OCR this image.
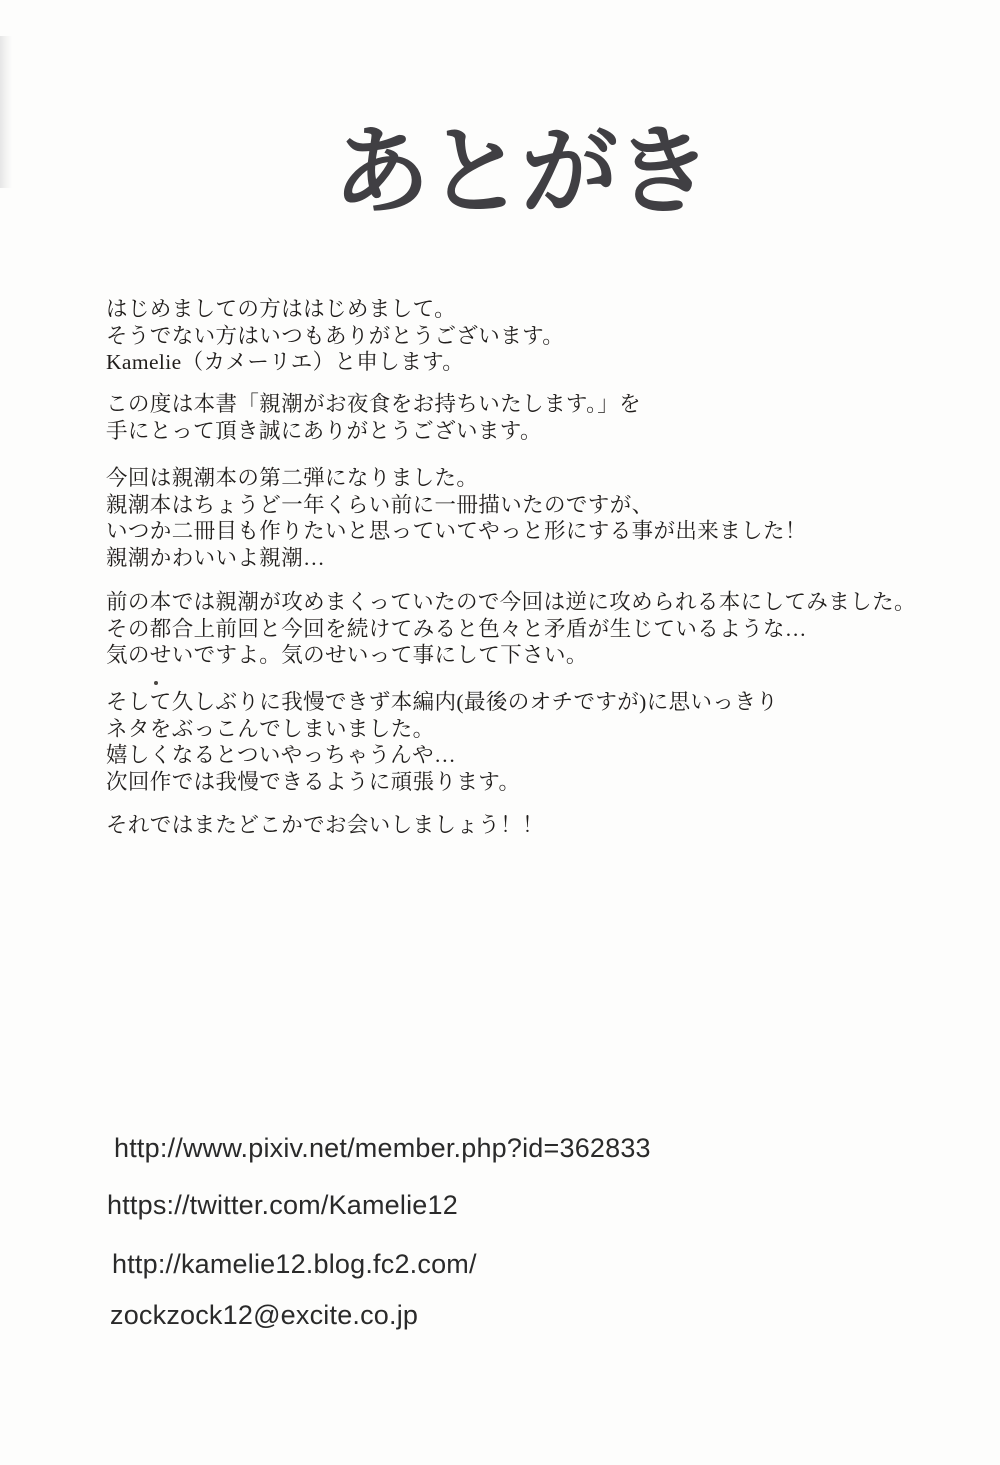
あとがき
はじめましての方ははじめまして。
そうでない方はいつもありがとうございます。
Kamelie（カメーリエ）と申します。
この度は本書「親潮がお夜食をお持ちいたします。」を
手にとって頂き誠にありがとうございます。
今回は親潮本の第二弾になりました。
親潮本はちょうど一年くらい前に一冊描いたのですが、
いつか二冊目も作りたいと思っていてやっと形にする事が出来ました！
親潮かわいいよ親潮…
前の本では親潮が攻めまくっていたので今回は逆に攻められる本にしてみました。
その都合上前回と今回を続けてみると色々と矛盾が生じているような…
気のせいですよ。気のせいって事にして下さい。
そして久しぶりに我慢できず本編内(最後のオチですが)に思いっきり
ネタをぶっこんでしまいました。
嬉しくなるとついやっちゃうんや…
次回作では我慢できるように頑張ります。
それではまたどこかでお会いしましょう！！

http://www.pixiv.net/member.php?id=362833

https://twitter.com/Kamelie12

http://kamelie12.blog.fc2.com/

zockzock12@excite.co.jp
